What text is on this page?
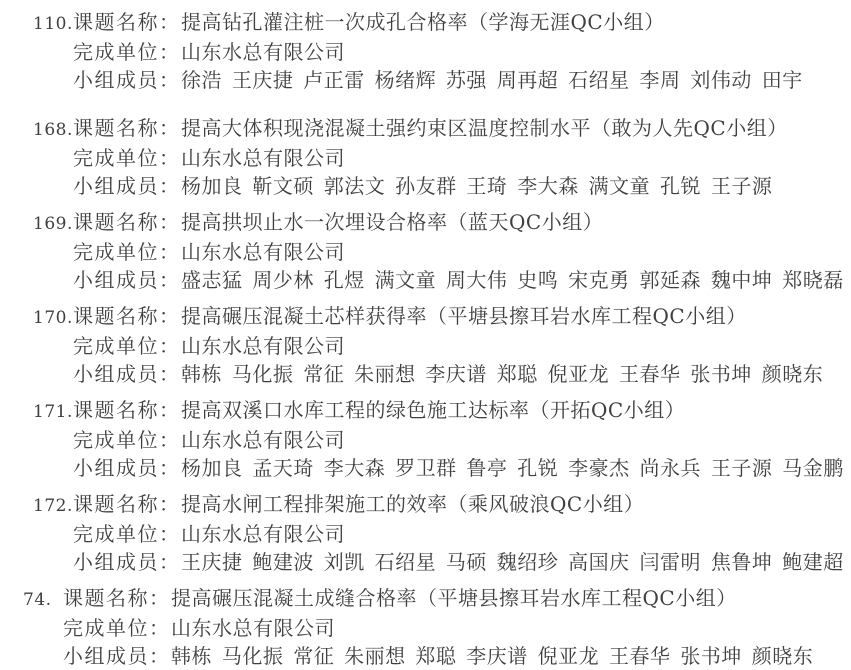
110. 课题名称： 提高钻孔灌注桩一次成孔合格率（学海无涯QC小组）
完成单位： 山东水总有限公司
小组成员： 徐浩 王庆捷 卢正雷 杨绪辉 苏强 周再超 石绍星 李周 刘伟动 田宇
168. 课题名称： 提高大体积现浇混凝土强约束区温度控制水平（敢为人先QC小组）
完成单位： 山东水总有限公司
小组成员： 杨加良 靳文硕 郭法文 孙友群 王琦 李大森 满文童 孔锐 王子源
169. 课题名称： 提高拱坝止水一次埋设合格率（蓝天QC小组）
完成单位： 山东水总有限公司
小组成员： 盛志猛 周少林 孔煜 满文童 周大伟 史鸣 宋克勇 郭延森 魏中坤 郑晓磊
170. 课题名称： 提高碾压混凝土芯样获得率（平塘县擦耳岩水库工程QC小组）
完成单位： 山东水总有限公司
小组成员： 韩栋 马化振 常征 朱丽想 李庆谱 郑聪 倪亚龙 王春华 张书坤 颜晓东
171. 课题名称： 提高双溪口水库工程的绿色施工达标率（开拓QC小组）
完成单位： 山东水总有限公司
小组成员： 杨加良 孟天琦 李大森 罗卫群 鲁亭 孔锐 李豪杰 尚永兵 王子源 马金鹏
172. 课题名称： 提高水闸工程排架施工的效率（乘风破浪QC小组）
完成单位： 山东水总有限公司
小组成员： 王庆捷 鲍建波 刘凯 石绍星 马硕 魏绍珍 高国庆 闫雷明 焦鲁坤 鲍建超
74. 课题名称： 提高碾压混凝土成缝合格率（平塘县擦耳岩水库工程QC小组）
完成单位： 山东水总有限公司
小组成员： 韩栋 马化振 常征 朱丽想 郑聪 李庆谱 倪亚龙 王春华 张书坤 颜晓东
